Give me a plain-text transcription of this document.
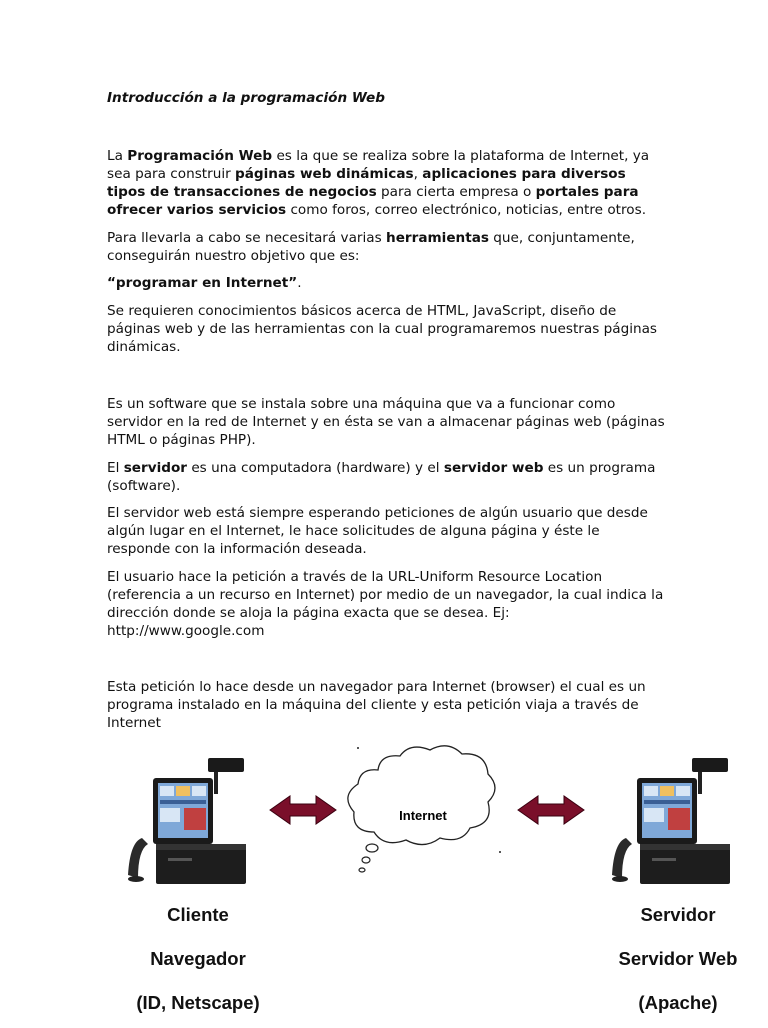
Introducción a la programación Web

La Programación Web es la que se realiza sobre la plataforma de Internet, ya sea para construir páginas web dinámicas, aplicaciones para diversos tipos de transacciones de negocios para cierta empresa o portales para ofrecer varios servicios como foros, correo electrónico, noticias, entre otros.

Para llevarla a cabo se necesitará varias herramientas que, conjuntamente, conseguirán nuestro objetivo que es:

“programar en Internet”.

Se requieren conocimientos básicos acerca de HTML, JavaScript, diseño de páginas web y de las herramientas con la cual programaremos nuestras páginas dinámicas.

Es un software que se instala sobre una máquina que va a funcionar como servidor en la red de Internet y en ésta se van a almacenar páginas web (páginas HTML o páginas PHP).

El servidor es una computadora (hardware) y el servidor web es un programa (software).

El servidor web está siempre esperando peticiones de algún usuario que desde algún lugar en el Internet, le hace solicitudes de alguna página y éste le responde con la información deseada.

El usuario hace la petición a través de la URL-Uniform Resource Location (referencia a un recurso en Internet) por medio de un navegador, la cual indica la dirección donde se aloja la página exacta que se desea. Ej: http://www.google.com

Esta petición lo hace desde un navegador para Internet (browser) el cual es un programa instalado en la máquina del cliente y esta petición viaja a través de Internet

Internet
Cliente
Navegador
(ID, Netscape)
Servidor
Servidor Web
(Apache)
